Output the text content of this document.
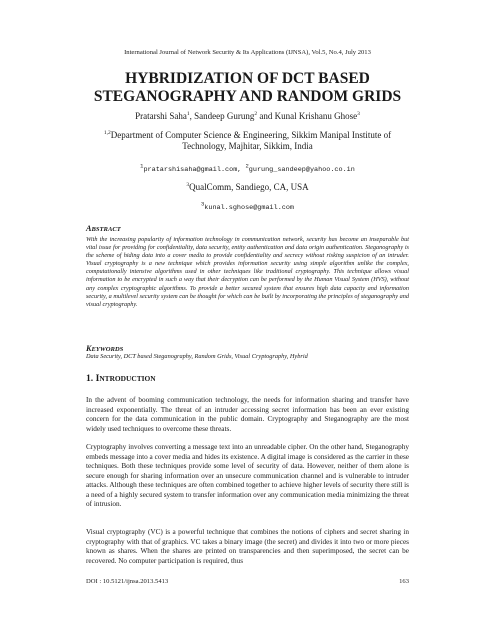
International Journal of Network Security & Its Applications (IJNSA), Vol.5, No.4, July 2013
HYBRIDIZATION OF DCT BASED
STEGANOGRAPHY AND RANDOM GRIDS
Pratarshi Saha$^1$, Sandeep Gurung$^2$ and Kunal Krishanu Ghose$^3$
$^{1,2}$Department of Computer Science & Engineering, Sikkim Manipal Institute of
Technology, Majhitar, Sikkim, India
$^1$pratarshisaha@gmail.com, $^2$gurung_sandeep@yahoo.co.in
$^3$QualComm, Sandiego, CA, USA
$^3$kunal.sghose@gmail.com
ABSTRACT

With the increasing popularity of information technology in communication network, security has become an inseparable but vital issue for providing for confidentiality, data security, entity authentication and data origin authentication. Steganography is the scheme of hiding data into a cover media to provide confidentiality and secrecy without risking suspicion of an intruder. Visual cryptography is a new technique which provides information security using simple algorithm unlike the complex, computationally intensive algorithms used in other techniques like traditional cryptography. This technique allows visual information to be encrypted in such a way that their decryption can be performed by the Human Visual System (HVS), without any complex cryptographic algorithms. To provide a better secured system that ensures high data capacity and information security, a multilevel security system can be thought for which can be built by incorporating the principles of steganography and visual cryptography.

KEYWORDS
Data Security, DCT based Steganography, Random Grids, Visual Cryptography, Hybrid
1. INTRODUCTION

In the advent of booming communication technology, the needs for information sharing and transfer have increased exponentially. The threat of an intruder accessing secret information has been an ever existing concern for the data communication in the public domain. Cryptography and Steganography are the most widely used techniques to overcome these threats.

Cryptography involves converting a message text into an unreadable cipher. On the other hand, Steganography embeds message into a cover media and hides its existence. A digital image is considered as the carrier in these techniques. Both these techniques provide some level of security of data. However, neither of them alone is secure enough for sharing information over an unsecure communication channel and is vulnerable to intruder attacks. Although these techniques are often combined together to achieve higher levels of security there still is a need of a highly secured system to transfer information over any communication media minimizing the threat of intrusion.

Visual cryptography (VC) is a powerful technique that combines the notions of ciphers and secret sharing in cryptography with that of graphics. VC takes a binary image (the secret) and divides it into two or more pieces known as shares. When the shares are printed on transparencies and then superimposed, the secret can be recovered. No computer participation is required, thus

DOI : 10.5121/ijnsa.2013.5413	163
